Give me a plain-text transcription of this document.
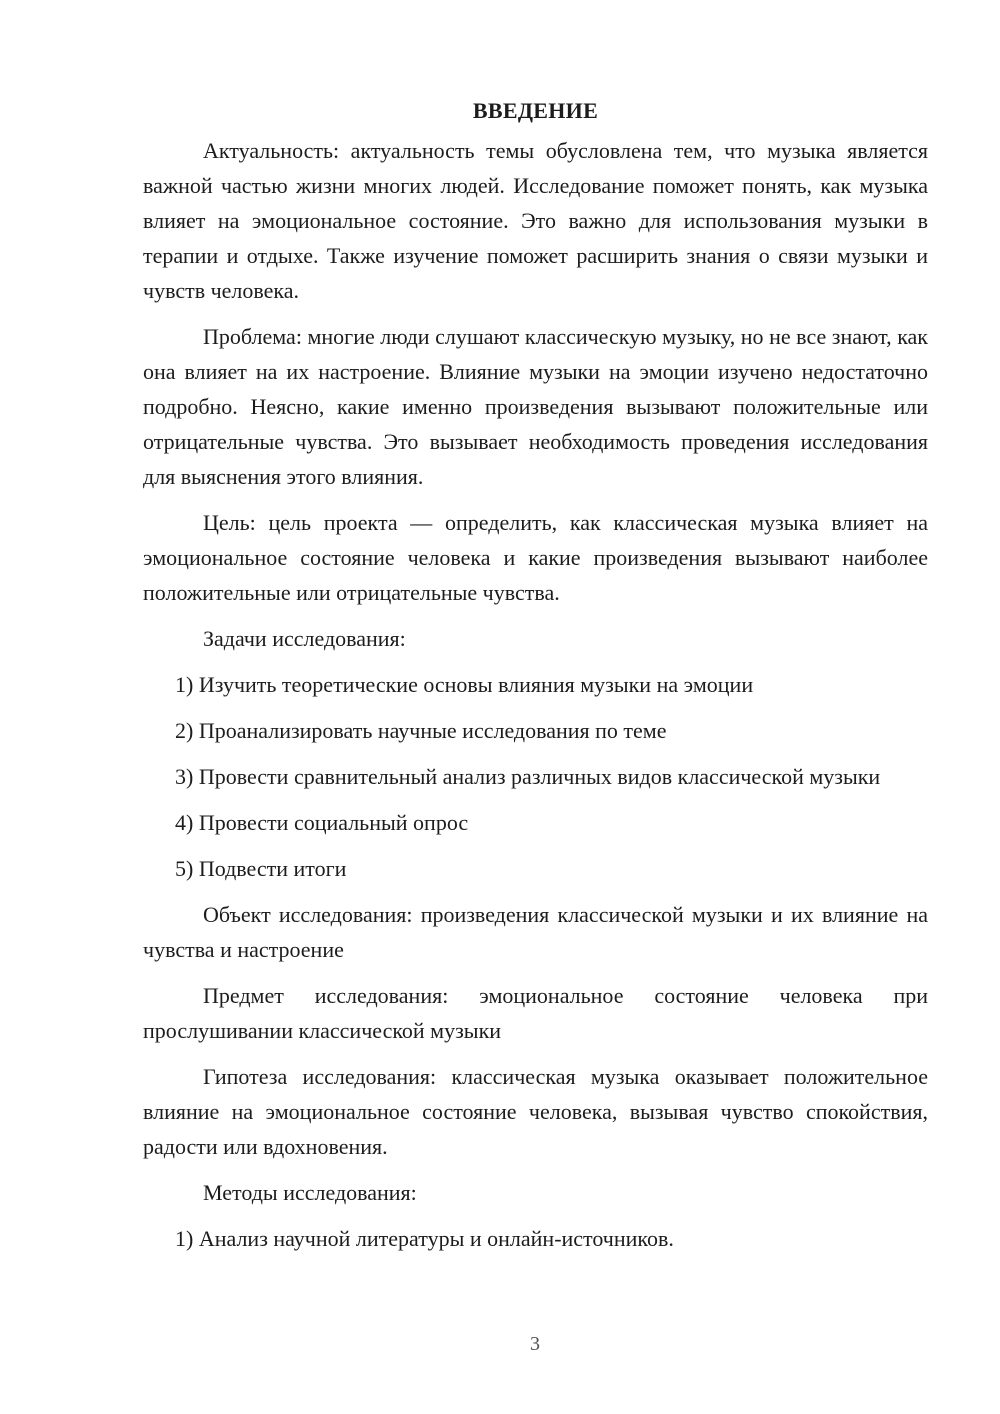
ВВЕДЕНИЕ

Актуальность: актуальность темы обусловлена тем, что музыка является важной частью жизни многих людей. Исследование поможет понять, как музыка влияет на эмоциональное состояние. Это важно для использования музыки в терапии и отдыхе. Также изучение поможет расширить знания о связи музыки и чувств человека.

Проблема: многие люди слушают классическую музыку, но не все знают, как она влияет на их настроение. Влияние музыки на эмоции изучено недостаточно подробно. Неясно, какие именно произведения вызывают положительные или отрицательные чувства. Это вызывает необходимость проведения исследования для выяснения этого влияния.

Цель: цель проекта — определить, как классическая музыка влияет на эмоциональное состояние человека и какие произведения вызывают наиболее положительные или отрицательные чувства.

Задачи исследования:

1) Изучить теоретические основы влияния музыки на эмоции

2) Проанализировать научные исследования по теме

3) Провести сравнительный анализ различных видов классической музыки

4) Провести социальный опрос

5) Подвести итоги

Объект исследования: произведения классической музыки и их влияние на чувства и настроение

Предмет исследования: эмоциональное состояние человека при прослушивании классической музыки

Гипотеза исследования: классическая музыка оказывает положительное влияние на эмоциональное состояние человека, вызывая чувство спокойствия, радости или вдохновения.

Методы исследования:

1) Анализ научной литературы и онлайн-источников.

3
